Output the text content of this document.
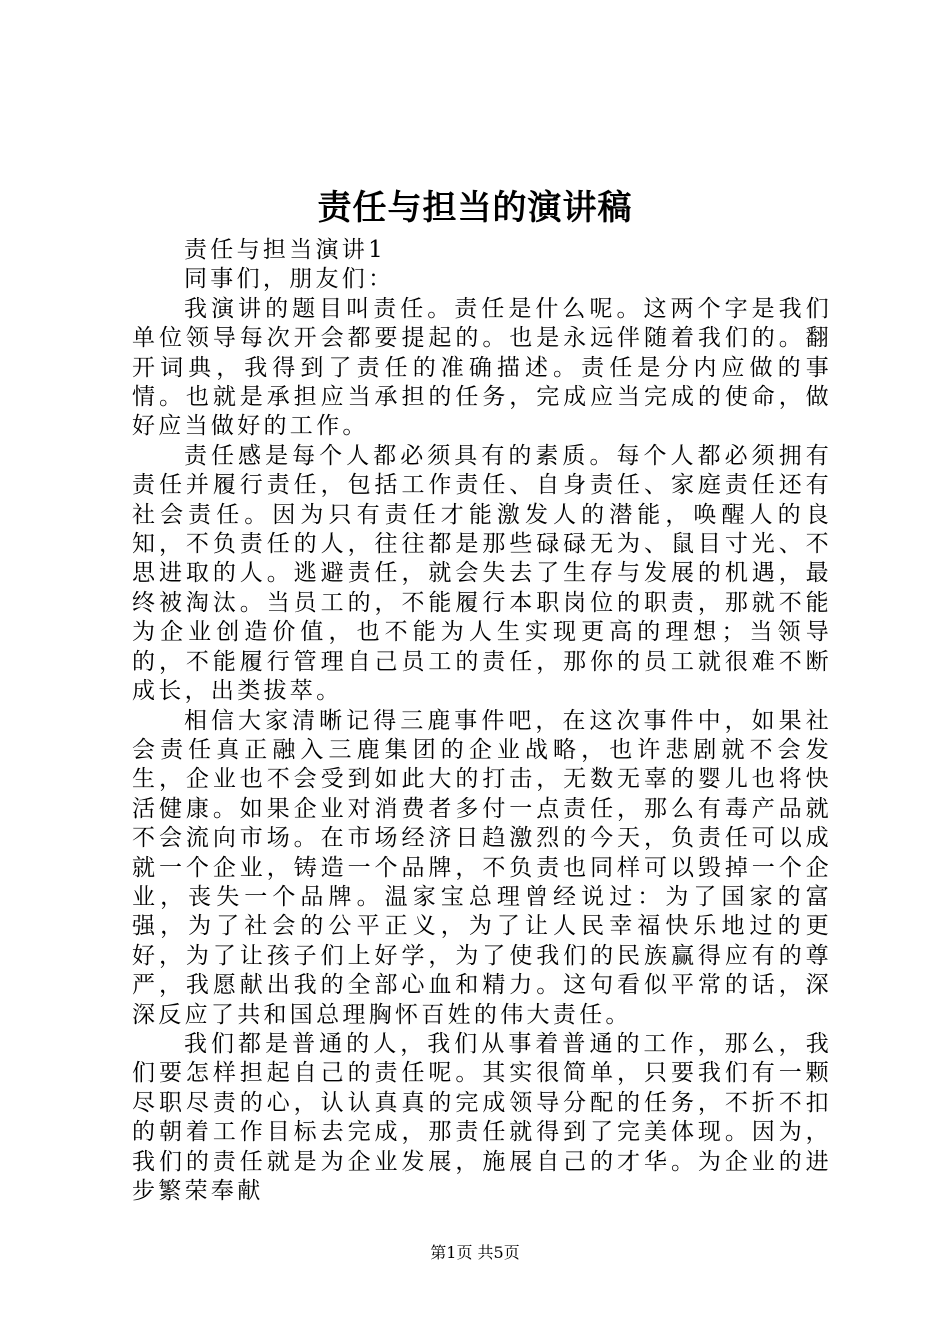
责任与担当的演讲稿

责任与担当演讲1

同事们，朋友们：

我演讲的题目叫责任。责任是什么呢。这两个字是我们单位领导每次开会都要提起的。也是永远伴随着我们的。翻开词典，我得到了责任的准确描述。责任是分内应做的事情。也就是承担应当承担的任务，完成应当完成的使命，做好应当做好的工作。

责任感是每个人都必须具有的素质。每个人都必须拥有责任并履行责任，包括工作责任、自身责任、家庭责任还有社会责任。因为只有责任才能激发人的潜能，唤醒人的良知，不负责任的人，往往都是那些碌碌无为、鼠目寸光、不思进取的人。逃避责任，就会失去了生存与发展的机遇，最终被淘汰。当员工的，不能履行本职岗位的职责，那就不能为企业创造价值，也不能为人生实现更高的理想；当领导的，不能履行管理自己员工的责任，那你的员工就很难不断成长，出类拔萃。

相信大家清晰记得三鹿事件吧，在这次事件中，如果社会责任真正融入三鹿集团的企业战略，也许悲剧就不会发生，企业也不会受到如此大的打击，无数无辜的婴儿也将快活健康。如果企业对消费者多付一点责任，那么有毒产品就不会流向市场。在市场经济日趋激烈的今天，负责任可以成就一个企业，铸造一个品牌，不负责也同样可以毁掉一个企业，丧失一个品牌。温家宝总理曾经说过：为了国家的富强，为了社会的公平正义，为了让人民幸福快乐地过的更好，为了让孩子们上好学，为了使我们的民族赢得应有的尊严，我愿献出我的全部心血和精力。这句看似平常的话，深深反应了共和国总理胸怀百姓的伟大责任。

我们都是普通的人，我们从事着普通的工作，那么，我们要怎样担起自己的责任呢。其实很简单，只要我们有一颗尽职尽责的心，认认真真的完成领导分配的任务，不折不扣的朝着工作目标去完成，那责任就得到了完美体现。因为，我们的责任就是为企业发展，施展自己的才华。为企业的进步繁荣奉献

第1页 共5页
